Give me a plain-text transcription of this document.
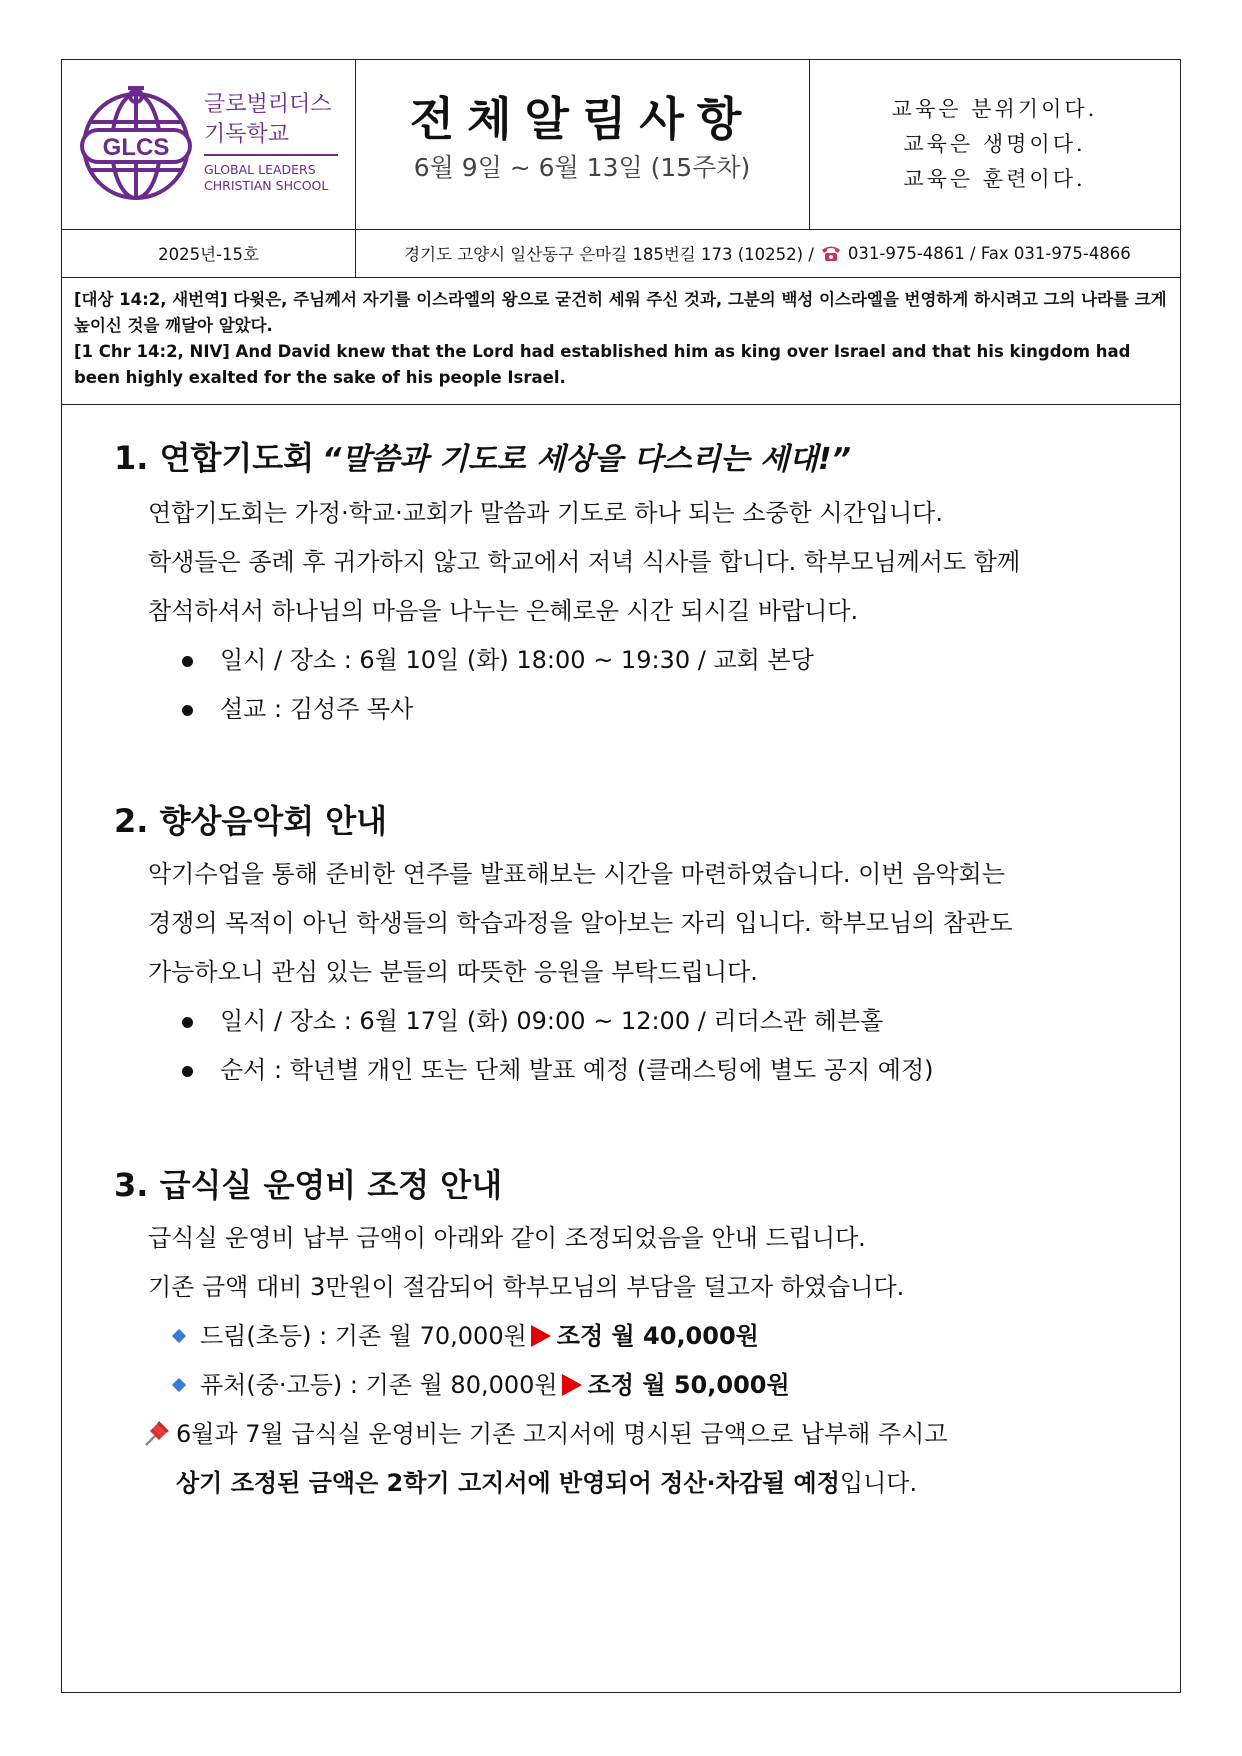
GLCS
글로벌리더스
기독학교
GLOBAL LEADERS
CHRISTIAN SHCOOL
전체알림사항
6월 9일 ~ 6월 13일 (15주차)
교육은 분위기이다.
교육은 생명이다.
교육은 훈련이다.
2025년-15호	경기도 고양시 일산동구 은마길 185번길 173 (10252) / 031-975-4861 / Fax 031-975-4866

[대상 14:2, 새번역] 다윗은, 주님께서 자기를 이스라엘의 왕으로 굳건히 세워 주신 것과, 그분의 백성 이스라엘을 번영하게 하시려고 그의 나라를 크게 높이신 것을 깨달아 알았다.

[1 Chr 14:2, NIV] And David knew that the Lord had established him as king over Israel and that his kingdom had been highly exalted for the sake of his people Israel.

1. 연합기도회 “말씀과 기도로 세상을 다스리는 세대!”
연합기도회는 가정·학교·교회가 말씀과 기도로 하나 되는 소중한 시간입니다.
학생들은 종례 후 귀가하지 않고 학교에서 저녁 식사를 합니다. 학부모님께서도 함께
참석하셔서 하나님의 마음을 나누는 은혜로운 시간 되시길 바랍니다.
일시 / 장소 : 6월 10일 (화) 18:00 ~ 19:30 / 교회 본당
설교 : 김성주 목사
2. 향상음악회 안내
악기수업을 통해 준비한 연주를 발표해보는 시간을 마련하였습니다. 이번 음악회는
경쟁의 목적이 아닌 학생들의 학습과정을 알아보는 자리 입니다. 학부모님의 참관도
가능하오니 관심 있는 분들의 따뜻한 응원을 부탁드립니다.
일시 / 장소 : 6월 17일 (화) 09:00 ~ 12:00 / 리더스관 헤븐홀
순서 : 학년별 개인 또는 단체 발표 예정 (클래스팅에 별도 공지 예정)
3. 급식실 운영비 조정 안내
급식실 운영비 납부 금액이 아래와 같이 조정되었음을 안내 드립니다.
기존 금액 대비 3만원이 절감되어 학부모님의 부담을 덜고자 하였습니다.
드림(초등) : 기존 월 70,000원 조정 월 40,000원
퓨처(중·고등) : 기존 월 80,000원 조정 월 50,000원
6월과 7월 급식실 운영비는 기존 고지서에 명시된 금액으로 납부해 주시고
상기 조정된 금액은 2학기 고지서에 반영되어 정산·차감될 예정입니다.
